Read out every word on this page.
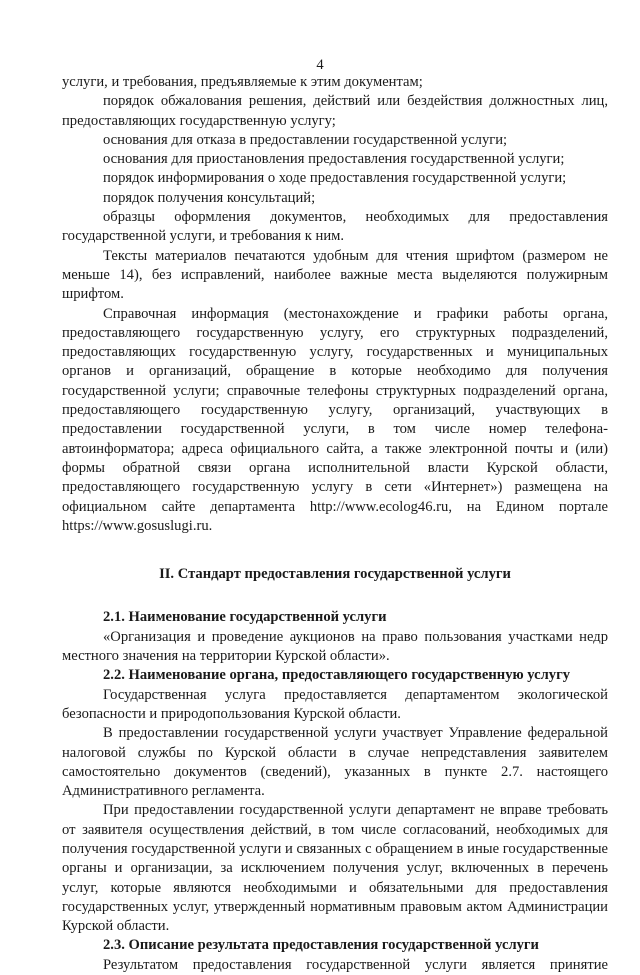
4

услуги, и требования, предъявляемые к этим документам;

порядок обжалования решения, действий или бездействия должностных лиц, предоставляющих государственную услугу;

основания для отказа в предоставлении государственной услуги;

основания для приостановления предоставления государственной услуги;

порядок информирования о ходе предоставления государственной услуги;

порядок получения консультаций;

образцы оформления документов, необходимых для предоставления государственной услуги, и требования к ним.

Тексты материалов печатаются удобным для чтения шрифтом (размером не меньше 14), без исправлений, наиболее важные места выделяются полужирным шрифтом.

Справочная информация (местонахождение и графики работы органа, предоставляющего государственную услугу, его структурных подразделений, предоставляющих государственную услугу, государственных и муниципальных органов и организаций, обращение в которые необходимо для получения государственной услуги; справочные телефоны структурных подразделений органа, предоставляющего государственную услугу, организаций, участвующих в предоставлении государственной услуги, в том числе номер телефона-автоинформатора; адреса официального сайта, а также электронной почты и (или) формы обратной связи органа исполнительной власти Курской области, предоставляющего государственную услугу в сети «Интернет») размещена на официальном сайте департамента http://www.ecolog46.ru, на Едином портале https://www.gosuslugi.ru.

II. Стандарт предоставления государственной услуги

2.1. Наименование государственной услуги

«Организация и проведение аукционов на право пользования участками недр местного значения на территории Курской области».

2.2. Наименование органа, предоставляющего государственную услугу

Государственная услуга предоставляется департаментом экологической безопасности и природопользования Курской области.

В предоставлении государственной услуги участвует Управление федеральной налоговой службы по Курской области в случае непредставления заявителем самостоятельно документов (сведений), указанных в пункте 2.7. настоящего Административного регламента.

При предоставлении государственной услуги департамент не вправе требовать от заявителя осуществления действий, в том числе согласований, необходимых для получения государственной услуги и связанных с обращением в иные государственные органы и организации, за исключением получения услуг, включенных в перечень услуг, которые являются необходимыми и обязательными для предоставления государственных услуг, утвержденный нормативным правовым актом Администрации Курской области.

2.3. Описание результата предоставления государственной услуги

Результатом предоставления государственной услуги является принятие
